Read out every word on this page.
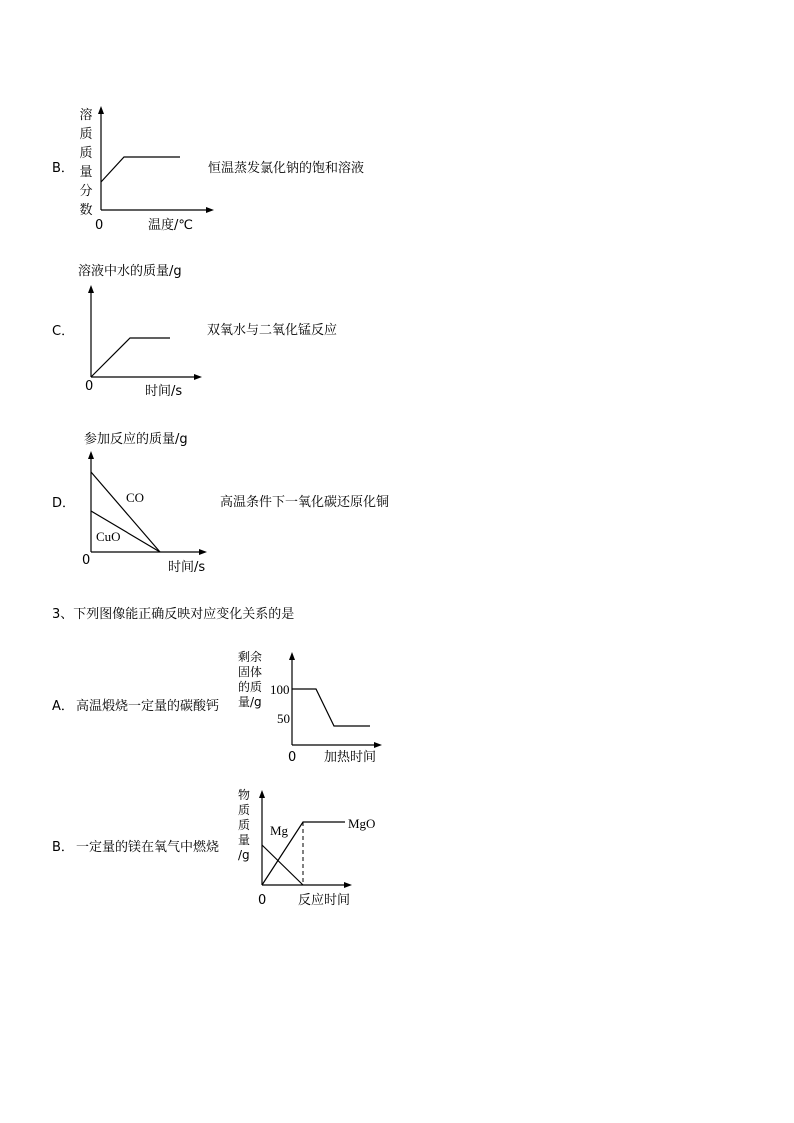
B．
溶
质
质
量
分
数
0	温度/℃
恒温蒸发氯化钠的饱和溶液
溶液中水的质量/g
C．
0	时间/s
双氧水与二氧化锰反应
参加反应的质量/g
D．	CO
CuO
0	时间/s
高温条件下一氧化碳还原化铜
3、下列图像能正确反映对应变化关系的是
A． 高温煅烧一定量的碳酸钙
剩余
固体
的质
量/g
100
50
0 加热时间
B． 一定量的镁在氧气中燃烧
物
质
质
量
/g
Mg	MgO
0 反应时间
